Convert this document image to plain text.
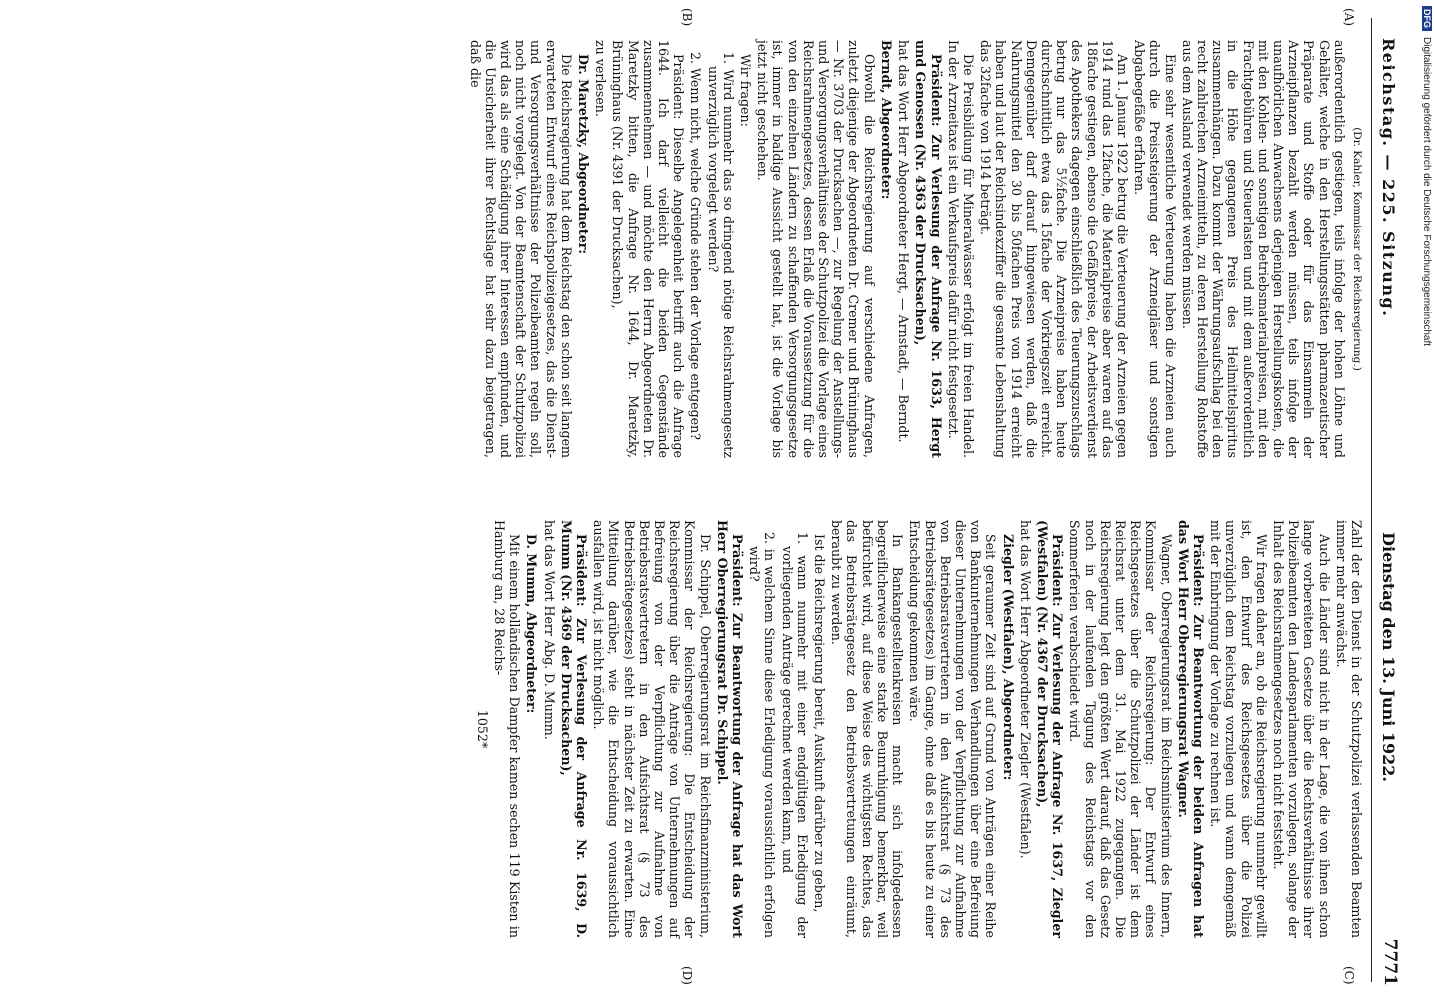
Reichstag. — 225. Sitzung.
Dienstag den 13. Juni 1922.
7771
(A)
(B)
(C)
(D)

(Dr. Kahler, Kommissar der Reichsregierung.)

außerordentlich gestiegen, teils infolge der hohen Löhne und Gehälter, welche in den Herstellungsstätten pharmazeutischer Präparate und Stoffe oder für das Einsammeln der Arzneipflanzen bezahlt werden müssen, teils infolge der unaufhörlichen Anwachsens derjenigen Herstellungskosten, die mit den Kohlen- und sonstigen Betriebsmaterialpreisen, mit den Frachtgebühren und Steuerlasten und mit dem außerordentlich in die Höhe gegangenen Preis des Heilmittelspiritus zusammenhängen. Dazu kommt der Währungsaufschlag bei den recht zahlreichen Arzneimitteln, zu deren Herstellung Rohstoffe aus dem Ausland verwendet werden müssen.

Eine sehr wesentliche Verteuerung haben die Arzneien auch durch die Preissteigerung der Arzneigläser und sonstigen Abgabegefäße erfahren.

Am 1. Januar 1922 betrug die Verteuerung der Arzneien gegen 1914 rund das 12fache, die Materialpreise aber waren auf das 18fache gestiegen, ebenso die Gefäßpreise, der Arbeitsverdienst des Apothekers dagegen einschließlich des Teuerungszuschlags betrug nur das 5½fache. Die Arzneipreise haben heute durchschnittlich etwa das 15fache der Vorkriegszeit erreicht. Demgegenüber darf darauf hingewiesen werden, daß die Nahrungsmittel den 30 bis 50fachen Preis von 1914 erreicht haben und laut der Reichsindexziffer die gesamte Lebenshaltung das 32fache von 1914 beträgt.

Die Preisbildung für Mineralwässer erfolgt im freien Handel. In der Arzneitaxe ist ein Verkaufspreis dafür nicht festgesetzt.

Präsident: Zur Verlesung der Anfrage Nr. 1633, Hergt und Genossen (Nr. 4363 der Drucksachen),

hat das Wort Herr Abgeordneter Hergt, — Arnstadt, — Berndt.

Berndt, Abgeordneter:

Obwohl die Reichsregierung auf verschiedene Anfragen, zuletzt diejenige der Abgeordneten Dr. Cremer und Brüninghaus — Nr. 3703 der Drucksachen —, zur Regelung der Anstellungs- und Versorgungsverhältnisse der Schutzpolizei die Vorlage eines Reichsrahmengesetzes, dessen Erlaß die Voraussetzung für die von den einzelnen Ländern zu schaffenden Versorgungsgesetze ist, immer in baldige Aussicht gestellt hat, ist die Vorlage bis jetzt nicht geschehen.

Wir fragen:

1. Wird nunmehr das so dringend nötige Reichsrahmengesetz unverzüglich vorgelegt werden?

2. Wenn nicht, welche Gründe stehen der Vorlage entgegen?

Präsident: Dieselbe Angelegenheit betrifft auch die Anfrage 1644. Ich darf vielleicht die beiden Gegenstände zusammennehmen — und möchte den Herrn Abgeordneten Dr. Maretzky bitten, die Anfrage Nr. 1644, Dr. Maretzky, Brüninghaus (Nr. 4391 der Drucksachen),

zu verlesen.

Dr. Maretzky, Abgeordneter:

Die Reichsregierung hat dem Reichstag den schon seit langem erwarteten Entwurf eines Reichspolizeigesetzes, das die Dienst- und Versorgungsverhältnisse der Polizeibeamten regeln soll, noch nicht vorgelegt. Von der Beamtenschaft der Schutzpolizei wird das als eine Schädigung ihrer Interessen empfunden, und die Unsicherheit ihrer Rechtslage hat sehr dazu beigetragen, daß die

Zahl der den Dienst in der Schutzpolizei verlassenden Beamten immer mehr anwächst.

Auch die Länder sind nicht in der Lage, die von ihnen schon lange vorbereiteten Gesetze über die Rechtsverhältnisse ihrer Polizeibeamten den Landesparlamenten vorzulegen, solange der Inhalt des Reichsrahmengesetzes noch nicht feststeht.

Wir fragen daher an, ob die Reichsregierung nunmehr gewillt ist, den Entwurf des Reichsgesetzes über die Polizei unverzüglich dem Reichstag vorzulegen und wann demgemäß mit der Einbringung der Vorlage zu rechnen ist.

Präsident: Zur Beantwortung der beiden Anfragen hat das Wort Herr Oberregierungsrat Wagner.

Wagner, Oberregierungsrat im Reichsministerium des Innern, Kommissar der Reichsregierung: Der Entwurf eines Reichsgesetzes über die Schutzpolizei der Länder ist dem Reichsrat unter dem 31. Mai 1922 zugegangen. Die Reichsregierung legt den größten Wert darauf, daß das Gesetz noch in der laufenden Tagung des Reichstags vor den Sommerferien verabschiedet wird.

Präsident: Zur Verlesung der Anfrage Nr. 1637, Ziegler (Westfalen) (Nr. 4367 der Drucksachen),

hat das Wort Herr Abgeordneter Ziegler (Westfalen).

Ziegler (Westfalen), Abgeordneter:

Seit geraumer Zeit sind auf Grund von Anträgen einer Reihe von Bankunternehmungen Verhandlungen über eine Befreiung dieser Unternehmungen von der Verpflichtung zur Aufnahme von Betriebsratsvertretern in den Aufsichtsrat (§ 73 des Betriebsrätegesetzes) im Gange, ohne daß es bis heute zu einer Entscheidung gekommen wäre.

In Bankangestelltenkreisen macht sich infolgedessen begreiflicherweise eine starke Beunruhigung bemerkbar, weil befürchtet wird, auf diese Weise des wichtigsten Rechtes, das das Betriebsrätegesetz den Betriebsvertretungen einräumt, beraubt zu werden.

Ist die Reichsregierung bereit, Auskunft darüber zu geben,

1. wann nunmehr mit einer endgültigen Erledigung der vorliegenden Anträge gerechnet werden kann, und

2. in welchem Sinne diese Erledigung voraussichtlich erfolgen wird?

Präsident: Zur Beantwortung der Anfrage hat das Wort Herr Oberregierungsrat Dr. Schippel.

Dr. Schippel, Oberregierungsrat im Reichsfinanzministerium, Kommissar der Reichsregierung: Die Entscheidung der Reichsregierung über die Anträge von Unternehmungen auf Befreiung von der Verpflichtung zur Aufnahme von Betriebsratsvertretern in den Aufsichtsrat (§ 73 des Betriebsrätegesetzes) steht in nächster Zeit zu erwarten. Eine Mitteilung darüber, wie die Entscheidung voraussichtlich ausfallen wird, ist nicht möglich.

Präsident: Zur Verlesung der Anfrage Nr. 1639, D. Mumm (Nr. 4369 der Drucksachen),

hat das Wort Herr Abg. D. Mumm.

D. Mumm, Abgeordneter:

Mit einem holländischen Dampfer kamen sechen 119 Kisten in Hamburg an, 28 Reichs-

1052*

DFGDigitalisierung gefördert durch die Deutsche Forschungsgemeinschaft
